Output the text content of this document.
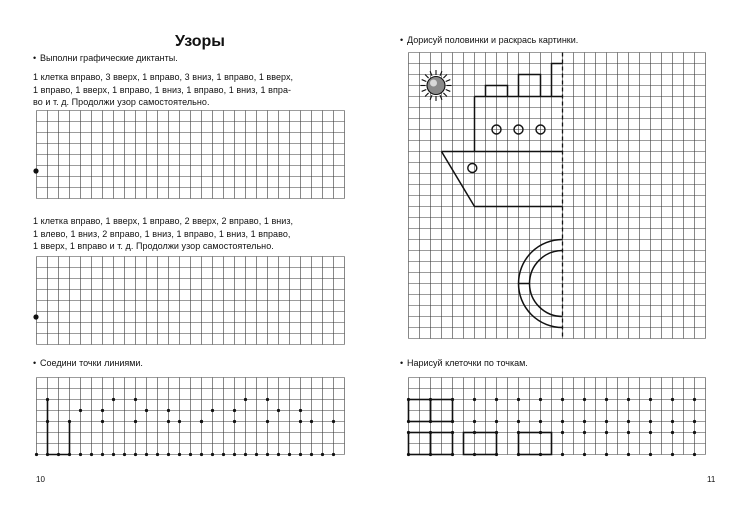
Узоры
• Выполни графические диктанты.
1 клетка вправо, 3 вверх, 1 вправо, 3 вниз, 1 вправо, 1 вверх,
1 вправо, 1 вверх, 1 вправо, 1 вниз, 1 вправо, 1 вниз, 1 впра-
во и т. д. Продолжи узор самостоятельно.
1 клетка вправо, 1 вверх, 1 вправо, 2 вверх, 2 вправо, 1 вниз,
1 влево, 1 вниз, 2 вправо, 1 вниз, 1 вправо, 1 вниз, 1 вправо,
1 вверх, 1 вправо и т. д. Продолжи узор самостоятельно.
• Соедини точки линиями.
10
• Дорисуй половинки и раскрась картинки.
• Нарисуй клеточки по точкам.
11
